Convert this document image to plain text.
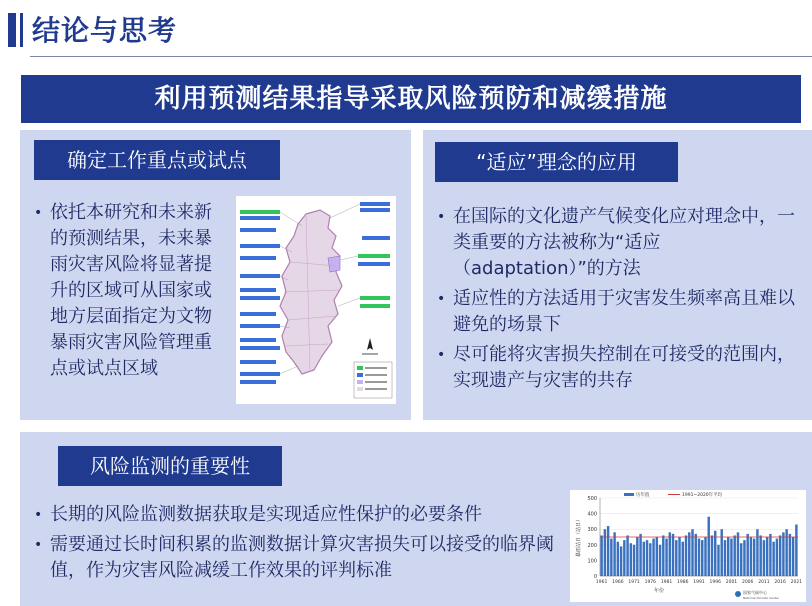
结论与思考
利用预测结果指导采取风险预防和减缓措施
确定工作重点或试点
• 依托本研究和未来新的预测结果，未来暴雨灾害风险将显著提升的区域可从国家或地方层面指定为文物暴雨灾害风险管理重点或试点区域
“适应”理念的应用
• 在国际的文化遗产气候变化应对理念中，一类重要的方法被称为“适应（adaptation）”的方法
• 适应性的方法适用于灾害发生频率高且难以避免的场景下
• 尽可能将灾害损失控制在可接受的范围内，实现遗产与灾害的共存
风险监测的重要性
• 长期的风险监测数据获取是实现适应性保护的必要条件
• 需要通过长时间积累的监测数据计算灾害损失可以接受的临界阈值，作为灾害风险减缓工作效果的评判标准	0
100
200
300
400
500
1961 1966 1971 1976 1981 1986 1991 1996 2001 2006 2011 2016 2021
年份
暴雨站日（站日）
历年值	1991~2020年平均
国家气候中心
National Climate Center
